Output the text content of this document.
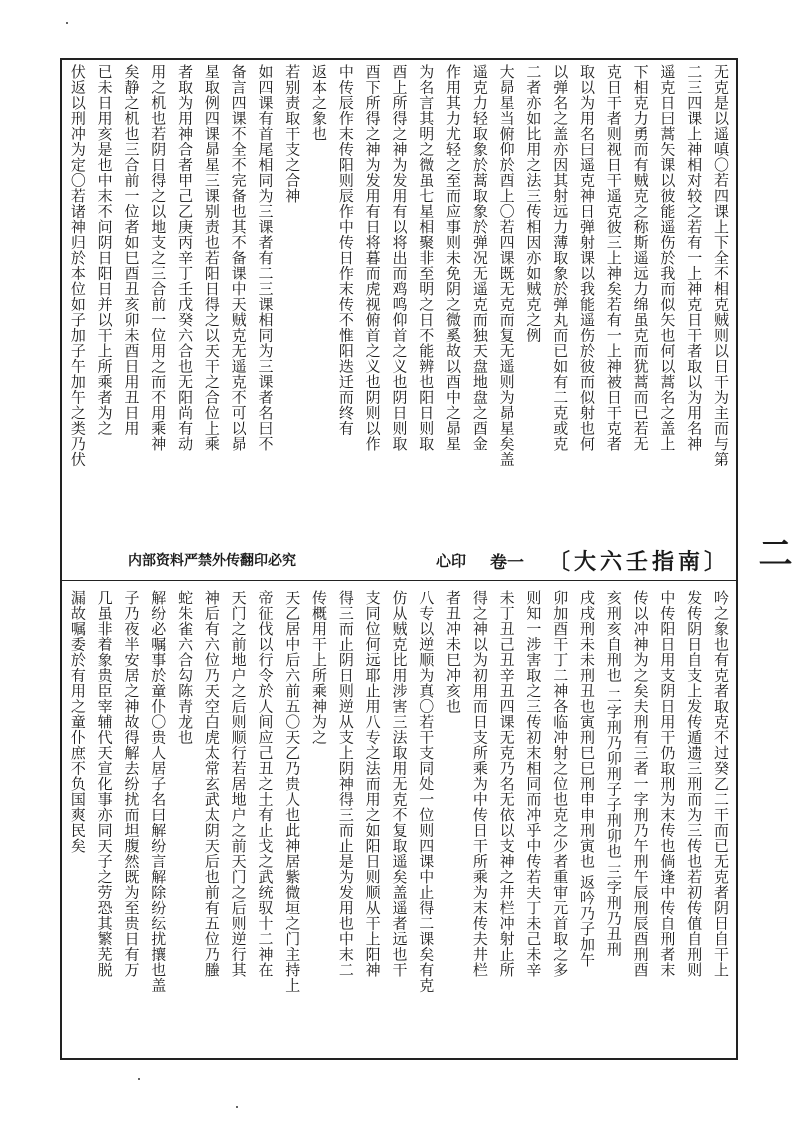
无克是以遥嗔〇若四课上下全不相克贼则以日干为主而与第
二三四课上神相对较之若有一上神克日干者取以为用名神
遥克日曰蒿矢课以彼能遥伤於我而似矢也何以蒿名之盖上
下相克力勇而有贼克之称斯遥远力绵虽克而犹蒿而已若无
克日干者则视日干遥克彼三上神矣若有一上神被日干克者
取以为用名曰遥克神日弹射课以我能遥伤於彼而似射也何
以弹名之盖亦因其射远力薄取象於弹丸而已如有二克或克
二者亦如比用之法三传相因亦如贼克之例
大昴星当俯仰於酉上〇若四课既无克而复无遥则为昴星矣盖
遥克力轻取象於蒿取象於弹况无遥克而独天盘地盘之酉金
作用其力尤轻之至而应事则未免阴之微奚故以酉中之昴星
为名言其明之微虽七星相聚非至明之日不能辨也阳日则取
酉上所得之神为发用有以将出而鸡鸣仰首之义也阴日则取
酉下所得之神为发用有日将暮而虎视俯首之义也阴则以作
中传辰作末传阳则辰作中传日作末传不惟阳迭迁而终有
返本之象也
若别责取干支之合神
如四课有首尾相同为三课者有二三课相同为三课者名曰不
备言四课不全不完备也其不备课中天贼克无遥克不可以昴
星取例四课昴星三课别责也若阳日得之以天干之合位上乘
者取为用神合者甲己乙庚丙辛丁壬戊癸六合也无阳尚有动
用之机也若阴日得之以地支之三合前一位用之而不用乘神
矣静之机也三合前一位者如巳酉丑亥卯未酉日用丑日用
已未日用亥是也中末不问阴日阳日并以干上所乘者为之
伏返以刑冲为定〇若诸神归於本位如子加子午加午之类乃伏
内部资料严禁外传翻印必究	心印 卷一 〔大六壬指南〕 二
吟之象也有克者取克不过癸乙二干而已无克者阴日自干上
发传阴日自支上发传遁遗三刑而为三传也若初传值自刑则
中传阳日用支阴日用干仍取刑为末传也倘逢中传自刑者末
传以冲神为之矣夫刑有三者一字刑乃午刑午辰刑辰酉刑酉
亥刑亥自刑也 二字刑乃卯刑子子刑卯也 三字刑乃丑刑
戌戌刑未未刑丑也寅刑巳巳刑申申刑寅也 返吟乃子加午
卯加酉干丁二神各临冲射之位也克之少者重审元首取之多
则知一涉害取之三传初末相同而冲乎中传若夫丁未己未辛
未丁丑己丑辛丑四课无克乃名无依以支神之井栏冲射止所
得之神以为初用而日支所乘为中传日干所乘为末传夫井栏
者丑冲未巳冲亥也
八专以逆顺为真〇若干支同处一位则四课中止得二课矣有克
仿从贼克比用涉害三法取用无克不复取遥矣盖遥者远也干
支同位何远耶止用八专之法而用之如阳日则顺从干上阳神
得三而止阴日则逆从支上阴神得三而止是为发用也中末二
传概用干上所乘神为之
天乙居中后六前五〇天乙乃贵人也此神居紫微垣之门主持上
帝征伐以行令於人间应己丑之土有止戈之武统驭十二神在
天门之前地户之后则顺行若居地户之前天门之后则逆行其
神后有六位乃天空白虎太常玄武太阴天后也前有五位乃螣
蛇朱雀六合勾陈青龙也
解纷必嘱事於童仆〇贵人居子名曰解纷言解除纷纭扰攘也盖
子乃夜半安居之神故得解去纷扰而坦腹然既为至贵日有万
几虽非着象贵臣宰辅代天宣化事亦同天子之劳恐其繁芜脱
漏故嘱委於有用之童仆庶不负国爽民矣
